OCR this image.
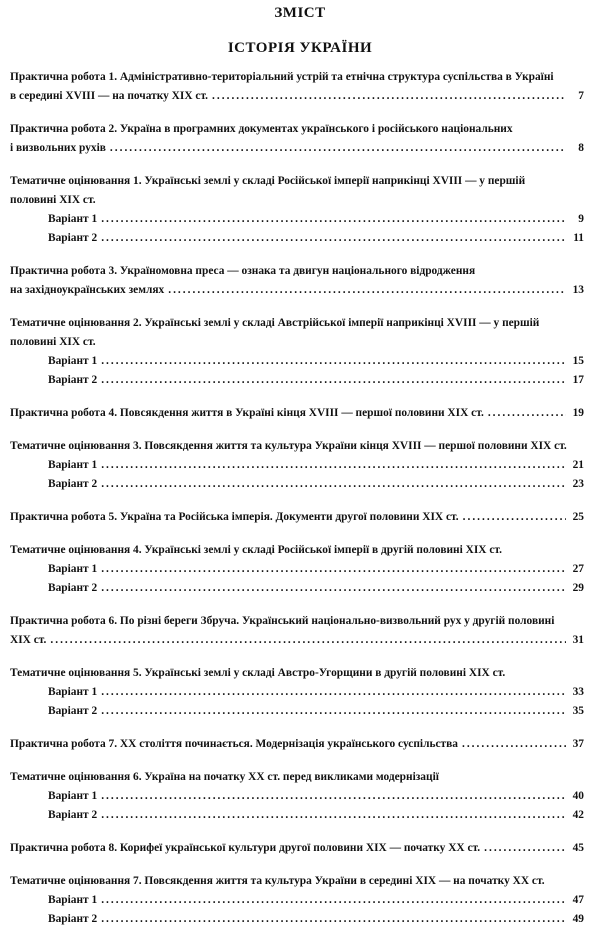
ЗМІСТ
ІСТОРІЯ УКРАЇНИ
Практична робота 1. Адміністративно-територіальний устрій та етнічна структура суспільства в Україні
в середині XVIII — на початку XIX ст. .....	7
Практична робота 2. Україна в програмних документах українського і російського національних
і визвольних рухів .....	8
Тематичне оцінювання 1. Українські землі у складі Російської імперії наприкінці XVIII — у першій
половині XIX ст.
Варіант 1 .....	9
Варіант 2 .....	11
Практична робота 3. Україномовна преса — ознака та двигун національного відродження
на західноукраїнських землях .....	13
Тематичне оцінювання 2. Українські землі у складі Австрійської імперії наприкінці XVIII — у першій
половині XIX ст.
Варіант 1 .....	15
Варіант 2 .....	17
Практична робота 4. Повсякдення життя в Україні кінця XVIII — першої половини XIX ст. .....	19
Тематичне оцінювання 3. Повсякдення життя та культура України кінця XVIII — першої половини XIX ст.
Варіант 1 .....	21
Варіант 2 .....	23
Практична робота 5. Україна та Російська імперія. Документи другої половини XIX ст. .....	25
Тематичне оцінювання 4. Українські землі у складі Російської імперії в другій половині XIX ст.
Варіант 1 .....	27
Варіант 2 .....	29
Практична робота 6. По різні береги Збруча. Український національно-визвольний рух у другій половині
XIX ст. .....	31
Тематичне оцінювання 5. Українські землі у складі Австро-Угорщини в другій половині XIX ст.
Варіант 1 .....	33
Варіант 2 .....	35
Практична робота 7. XX століття починається. Модернізація українського суспільства .....	37
Тематичне оцінювання 6. Україна на початку XX ст. перед викликами модернізації
Варіант 1 .....	40
Варіант 2 .....	42
Практична робота 8. Корифеї української культури другої половини XIX — початку XX ст. .....	45
Тематичне оцінювання 7. Повсякдення життя та культура України в середині XIX — на початку XX ст.
Варіант 1 .....	47
Варіант 2 .....	49
